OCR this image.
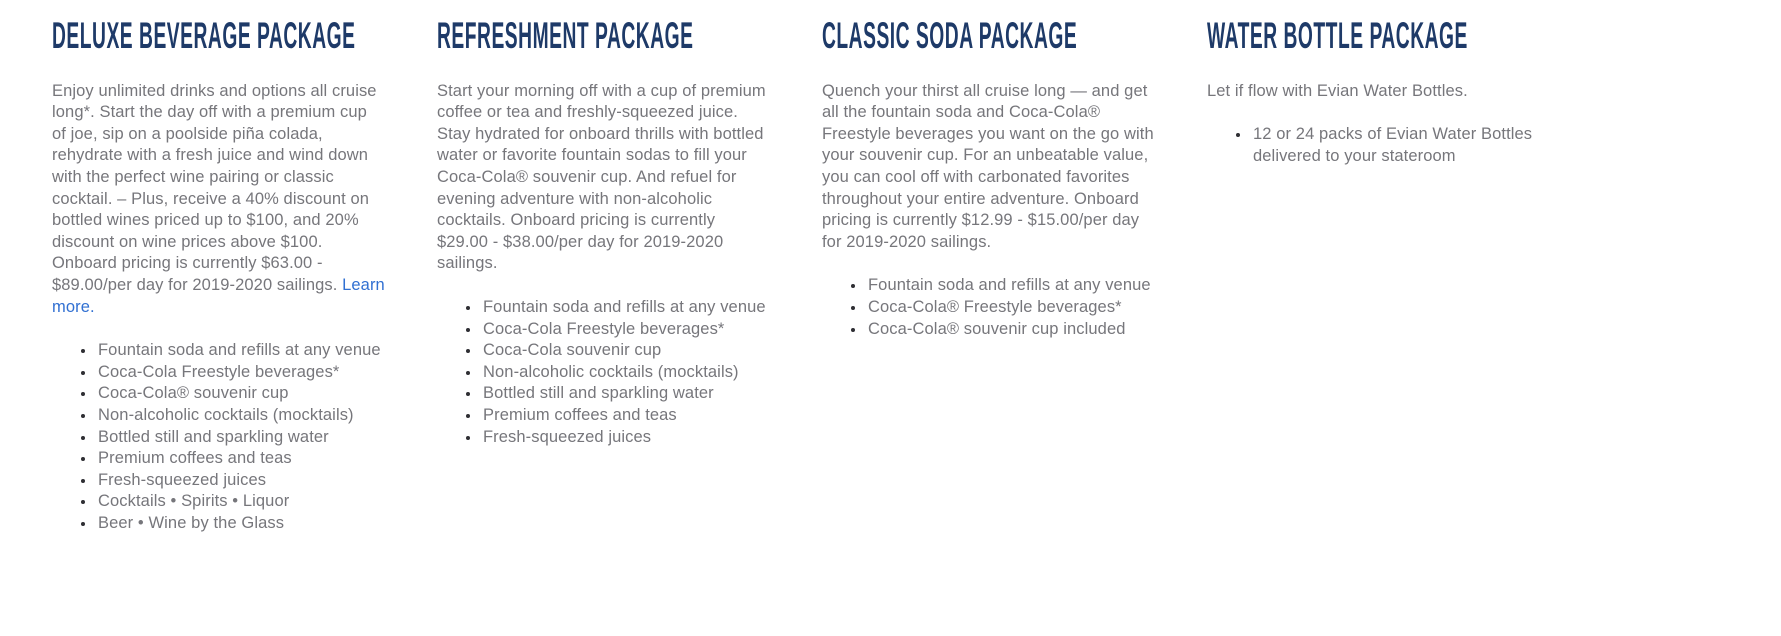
DELUXE BEVERAGE PACKAGE

Enjoy unlimited drinks and options all cruise long*. Start the day off with a premium cup of joe, sip on a poolside piña colada, rehydrate with a fresh juice and wind down with the perfect wine pairing or classic cocktail. – Plus, receive a 40% discount on bottled wines priced up to $100, and 20% discount on wine prices above $100. Onboard pricing is currently $63.00 - $89.00/per day for 2019-2020 sailings. Learn more.

• Fountain soda and refills at any venue
• Coca-Cola Freestyle beverages*
• Coca-Cola® souvenir cup
• Non-alcoholic cocktails (mocktails)
• Bottled still and sparkling water
• Premium coffees and teas
• Fresh-squeezed juices
• Cocktails • Spirits • Liquor
• Beer • Wine by the Glass
REFRESHMENT PACKAGE

Start your morning off with a cup of premium coffee or tea and freshly-squeezed juice. Stay hydrated for onboard thrills with bottled water or favorite fountain sodas to fill your Coca-Cola® souvenir cup. And refuel for evening adventure with non-alcoholic cocktails. Onboard pricing is currently $29.00 - $38.00/per day for 2019-2020 sailings.

• Fountain soda and refills at any venue
• Coca-Cola Freestyle beverages*
• Coca-Cola souvenir cup
• Non-alcoholic cocktails (mocktails)
• Bottled still and sparkling water
• Premium coffees and teas
• Fresh-squeezed juices
CLASSIC SODA PACKAGE

Quench your thirst all cruise long — and get all the fountain soda and Coca-Cola® Freestyle beverages you want on the go with your souvenir cup. For an unbeatable value, you can cool off with carbonated favorites throughout your entire adventure. Onboard pricing is currently $12.99 - $15.00/per day for 2019-2020 sailings.

• Fountain soda and refills at any venue
• Coca-Cola® Freestyle beverages*
• Coca-Cola® souvenir cup included
WATER BOTTLE PACKAGE

Let if flow with Evian Water Bottles.

• 12 or 24 packs of Evian Water Bottles delivered to your stateroom
